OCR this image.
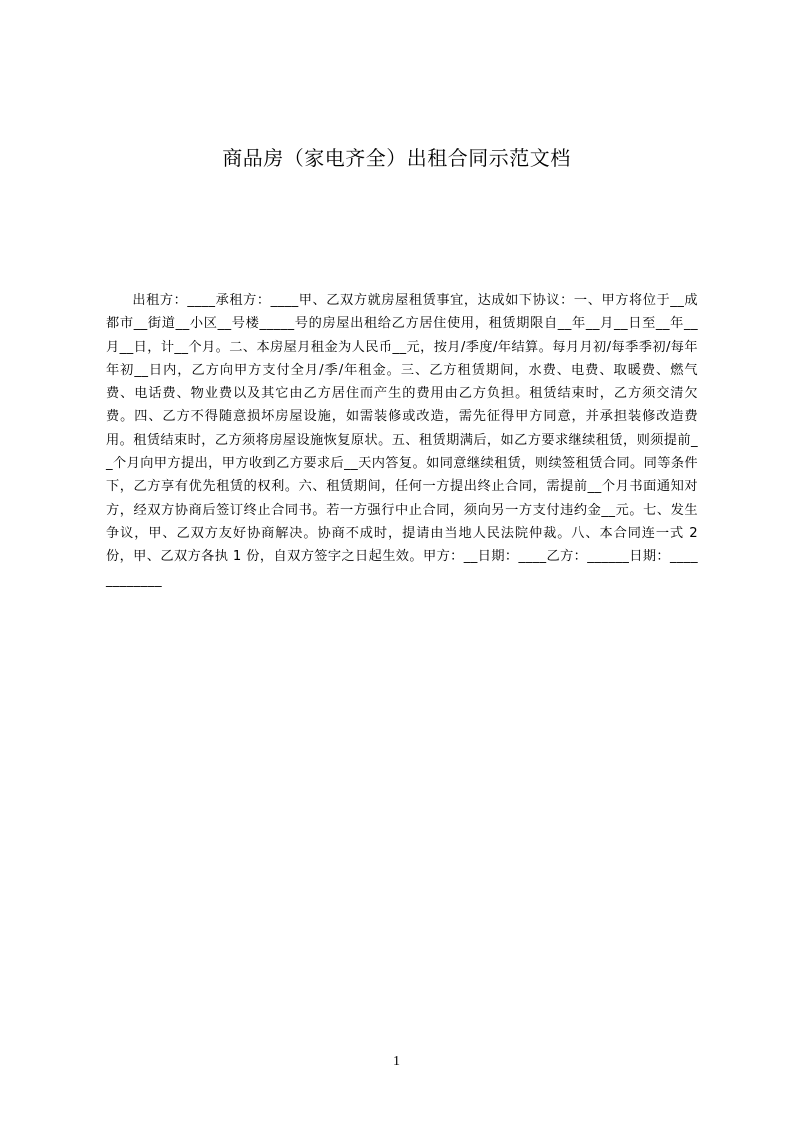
商品房（家电齐全）出租合同示范文档

出租方：____承租方：____甲、乙双方就房屋租赁事宜，达成如下协议：一、甲方将位于__成都市__街道__小区__号楼_____号的房屋出租给乙方居住使用，租赁期限自__年__月__日至__年__月__日，计__个月。二、本房屋月租金为人民币__元，按月/季度/年结算。每月月初/每季季初/每年年初__日内，乙方向甲方支付全月/季/年租金。三、乙方租赁期间，水费、电费、取暖费、燃气费、电话费、物业费以及其它由乙方居住而产生的费用由乙方负担。租赁结束时，乙方须交清欠费。四、乙方不得随意损坏房屋设施，如需装修或改造，需先征得甲方同意，并承担装修改造费用。租赁结束时，乙方须将房屋设施恢复原状。五、租赁期满后，如乙方要求继续租赁，则须提前__个月向甲方提出，甲方收到乙方要求后__天内答复。如同意继续租赁，则续签租赁合同。同等条件下，乙方享有优先租赁的权利。六、租赁期间，任何一方提出终止合同，需提前__个月书面通知对方，经双方协商后签订终止合同书。若一方强行中止合同，须向另一方支付违约金__元。七、发生争议，甲、乙双方友好协商解决。协商不成时，提请由当地人民法院仲裁。八、本合同连一式 2 份，甲、乙双方各执 1 份，自双方签字之日起生效。甲方：__日期：____乙方：______日期：____________

1
